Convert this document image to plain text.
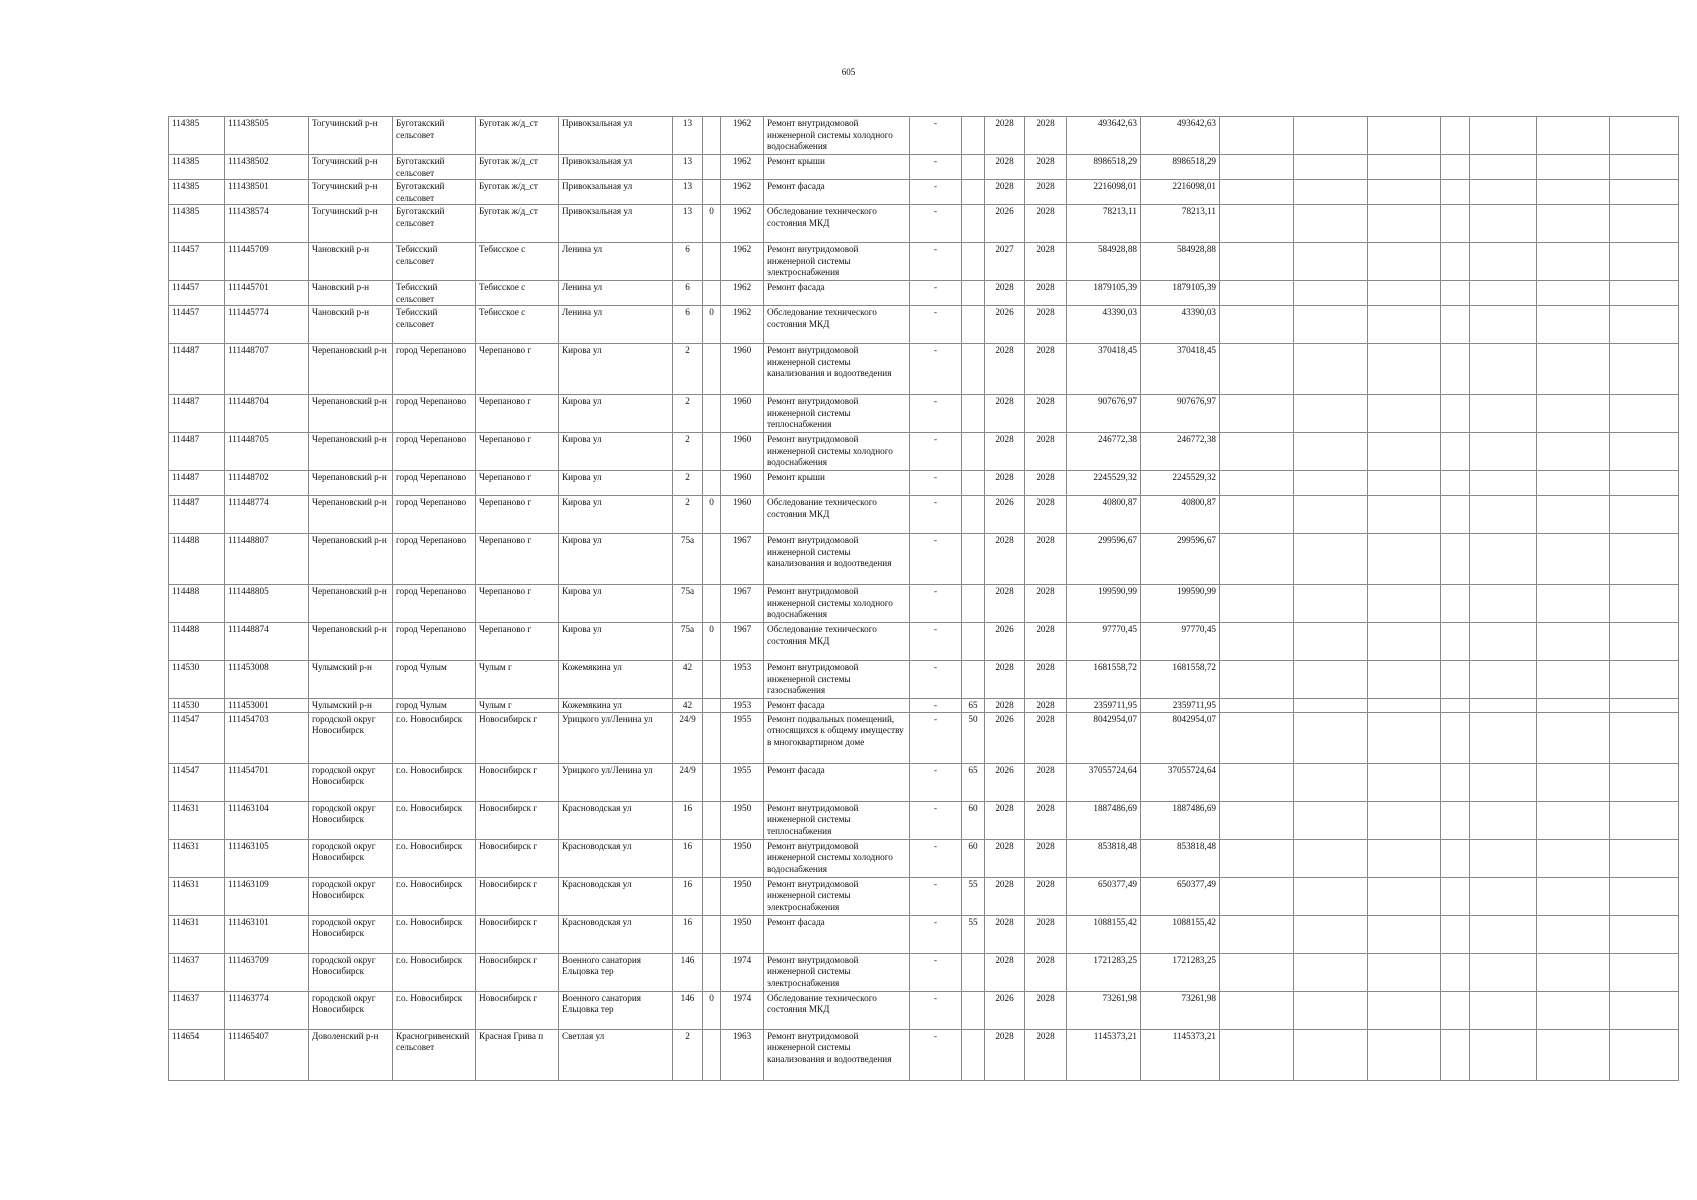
605
114385	111438505	Тогучинский р-н	Буготакский сельсовет	Буготак ж/д_ст	Привокзальная ул	13		1962	Ремонт внутридомовой инженерной системы холодного водоснабжения	-		2028	2028	493642,63	493642,63							
114385	111438502	Тогучинский р-н	Буготакский сельсовет	Буготак ж/д_ст	Привокзальная ул	13		1962	Ремонт крыши	-		2028	2028	8986518,29	8986518,29							
114385	111438501	Тогучинский р-н	Буготакский сельсовет	Буготак ж/д_ст	Привокзальная ул	13		1962	Ремонт фасада	-		2028	2028	2216098,01	2216098,01							
114385	111438574	Тогучинский р-н	Буготакский сельсовет	Буготак ж/д_ст	Привокзальная ул	13	0	1962	Обследование технического состояния МКД	-		2026	2028	78213,11	78213,11							
114457	111445709	Чановский р-н	Тебисский сельсовет	Тебисское с	Ленина ул	6		1962	Ремонт внутридомовой инженерной системы электроснабжения	-		2027	2028	584928,88	584928,88							
114457	111445701	Чановский р-н	Тебисский сельсовет	Тебисское с	Ленина ул	6		1962	Ремонт фасада	-		2028	2028	1879105,39	1879105,39							
114457	111445774	Чановский р-н	Тебисский сельсовет	Тебисское с	Ленина ул	6	0	1962	Обследование технического состояния МКД	-		2026	2028	43390,03	43390,03							
114487	111448707	Черепановский р-н	город Черепаново	Черепаново г	Кирова ул	2		1960	Ремонт внутридомовой инженерной системы канализования и водоотведения	-		2028	2028	370418,45	370418,45							
114487	111448704	Черепановский р-н	город Черепаново	Черепаново г	Кирова ул	2		1960	Ремонт внутридомовой инженерной системы теплоснабжения	-		2028	2028	907676,97	907676,97							
114487	111448705	Черепановский р-н	город Черепаново	Черепаново г	Кирова ул	2		1960	Ремонт внутридомовой инженерной системы холодного водоснабжения	-		2028	2028	246772,38	246772,38							
114487	111448702	Черепановский р-н	город Черепаново	Черепаново г	Кирова ул	2		1960	Ремонт крыши	-		2028	2028	2245529,32	2245529,32							
114487	111448774	Черепановский р-н	город Черепаново	Черепаново г	Кирова ул	2	0	1960	Обследование технического состояния МКД	-		2026	2028	40800,87	40800,87							
114488	111448807	Черепановский р-н	город Черепаново	Черепаново г	Кирова ул	75а		1967	Ремонт внутридомовой инженерной системы канализования и водоотведения	-		2028	2028	299596,67	299596,67							
114488	111448805	Черепановский р-н	город Черепаново	Черепаново г	Кирова ул	75а		1967	Ремонт внутридомовой инженерной системы холодного водоснабжения	-		2028	2028	199590,99	199590,99							
114488	111448874	Черепановский р-н	город Черепаново	Черепаново г	Кирова ул	75а	0	1967	Обследование технического состояния МКД	-		2026	2028	97770,45	97770,45							
114530	111453008	Чулымский р-н	город Чулым	Чулым г	Кожемякина ул	42		1953	Ремонт внутридомовой инженерной системы газоснабжения	-		2028	2028	1681558,72	1681558,72							
114530	111453001	Чулымский р-н	город Чулым	Чулым г	Кожемякина ул	42		1953	Ремонт фасада	-	65	2028	2028	2359711,95	2359711,95							
114547	111454703	городской округ Новосибирск	г.о. Новосибирск	Новосибирск г	Урицкого ул/Ленина ул	24/9		1955	Ремонт подвальных помещений, относящихся к общему имуществу в многоквартирном доме	-	50	2026	2028	8042954,07	8042954,07							
114547	111454701	городской округ Новосибирск	г.о. Новосибирск	Новосибирск г	Урицкого ул/Ленина ул	24/9		1955	Ремонт фасада	-	65	2026	2028	37055724,64	37055724,64							
114631	111463104	городской округ Новосибирск	г.о. Новосибирск	Новосибирск г	Красноводская ул	16		1950	Ремонт внутридомовой инженерной системы теплоснабжения	-	60	2028	2028	1887486,69	1887486,69							
114631	111463105	городской округ Новосибирск	г.о. Новосибирск	Новосибирск г	Красноводская ул	16		1950	Ремонт внутридомовой инженерной системы холодного водоснабжения	-	60	2028	2028	853818,48	853818,48							
114631	111463109	городской округ Новосибирск	г.о. Новосибирск	Новосибирск г	Красноводская ул	16		1950	Ремонт внутридомовой инженерной системы электроснабжения	-	55	2028	2028	650377,49	650377,49							
114631	111463101	городской округ Новосибирск	г.о. Новосибирск	Новосибирск г	Красноводская ул	16		1950	Ремонт фасада	-	55	2028	2028	1088155,42	1088155,42							
114637	111463709	городской округ Новосибирск	г.о. Новосибирск	Новосибирск г	Военного санатория Ельцовка тер	146		1974	Ремонт внутридомовой инженерной системы электроснабжения	-		2028	2028	1721283,25	1721283,25							
114637	111463774	городской округ Новосибирск	г.о. Новосибирск	Новосибирск г	Военного санатория Ельцовка тер	146	0	1974	Обследование технического состояния МКД	-		2026	2028	73261,98	73261,98							
114654	111465407	Доволенский р-н	Красногривенский сельсовет	Красная Грива п	Светлая ул	2		1963	Ремонт внутридомовой инженерной системы канализования и водоотведения	-		2028	2028	1145373,21	1145373,21							
